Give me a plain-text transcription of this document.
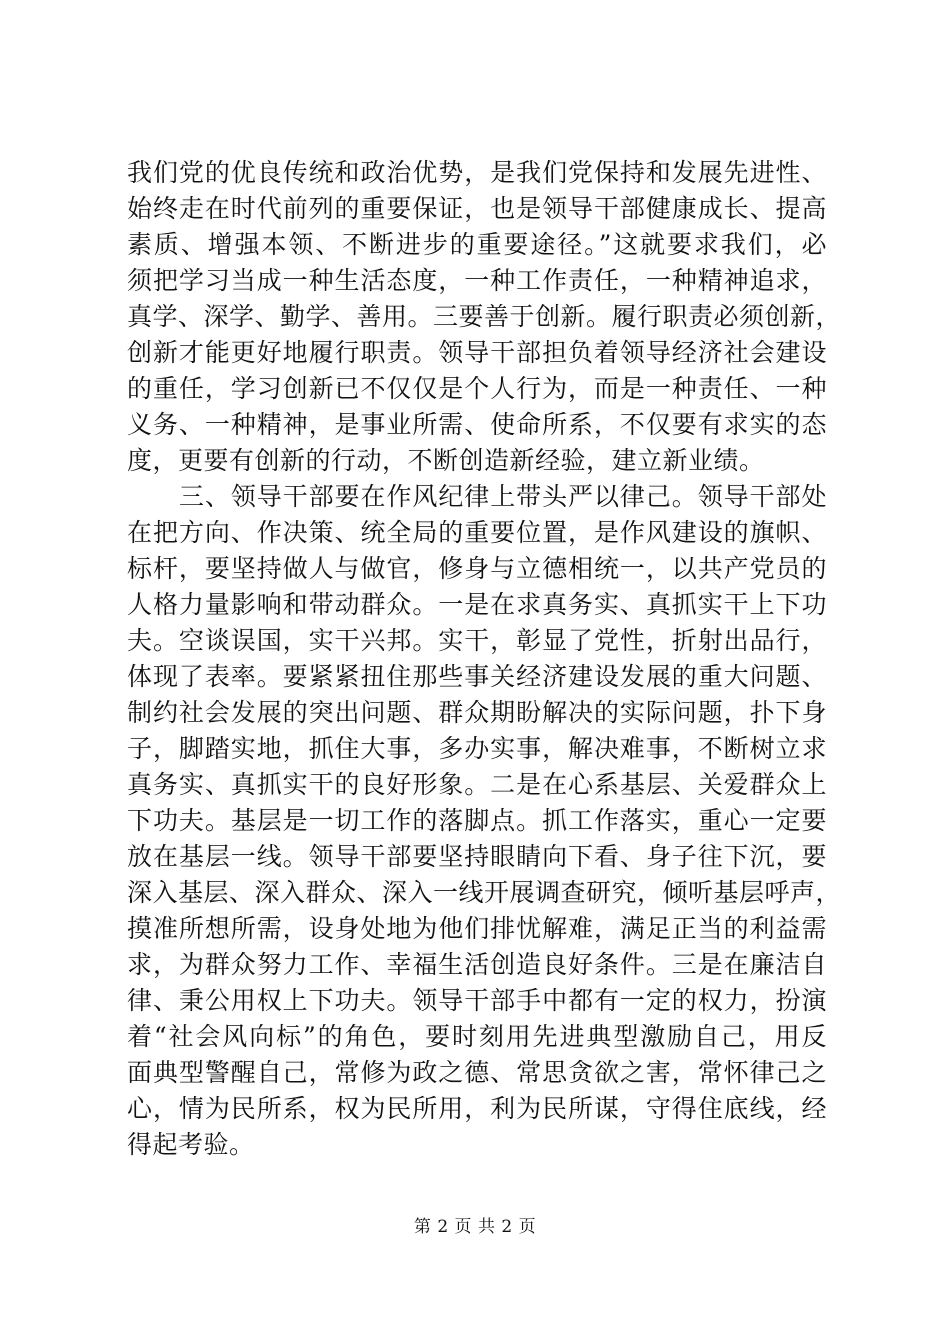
我们党的优良传统和政治优势，是我们党保持和发展先进性、
始终走在时代前列的重要保证，也是领导干部健康成长、提高
素质、增强本领、不断进步的重要途径。”这就要求我们，必
须把学习当成一种生活态度，一种工作责任，一种精神追求，
真学、深学、勤学、善用。三要善于创新。履行职责必须创新，
创新才能更好地履行职责。领导干部担负着领导经济社会建设
的重任，学习创新已不仅仅是个人行为，而是一种责任、一种
义务、一种精神，是事业所需、使命所系，不仅要有求实的态
度，更要有创新的行动，不断创造新经验，建立新业绩。
三、领导干部要在作风纪律上带头严以律己。领导干部处
在把方向、作决策、统全局的重要位置，是作风建设的旗帜、
标杆，要坚持做人与做官，修身与立德相统一，以共产党员的
人格力量影响和带动群众。一是在求真务实、真抓实干上下功
夫。空谈误国，实干兴邦。实干，彰显了党性，折射出品行，
体现了表率。要紧紧扭住那些事关经济建设发展的重大问题、
制约社会发展的突出问题、群众期盼解决的实际问题，扑下身
子，脚踏实地，抓住大事，多办实事，解决难事，不断树立求
真务实、真抓实干的良好形象。二是在心系基层、关爱群众上
下功夫。基层是一切工作的落脚点。抓工作落实，重心一定要
放在基层一线。领导干部要坚持眼睛向下看、身子往下沉，要
深入基层、深入群众、深入一线开展调查研究，倾听基层呼声，
摸准所想所需，设身处地为他们排忧解难，满足正当的利益需
求，为群众努力工作、幸福生活创造良好条件。三是在廉洁自
律、秉公用权上下功夫。领导干部手中都有一定的权力，扮演
着“社会风向标”的角色，要时刻用先进典型激励自己，用反
面典型警醒自己，常修为政之德、常思贪欲之害，常怀律己之
心，情为民所系，权为民所用，利为民所谋，守得住底线，经
得起考验。
第 2 页 共 2 页
